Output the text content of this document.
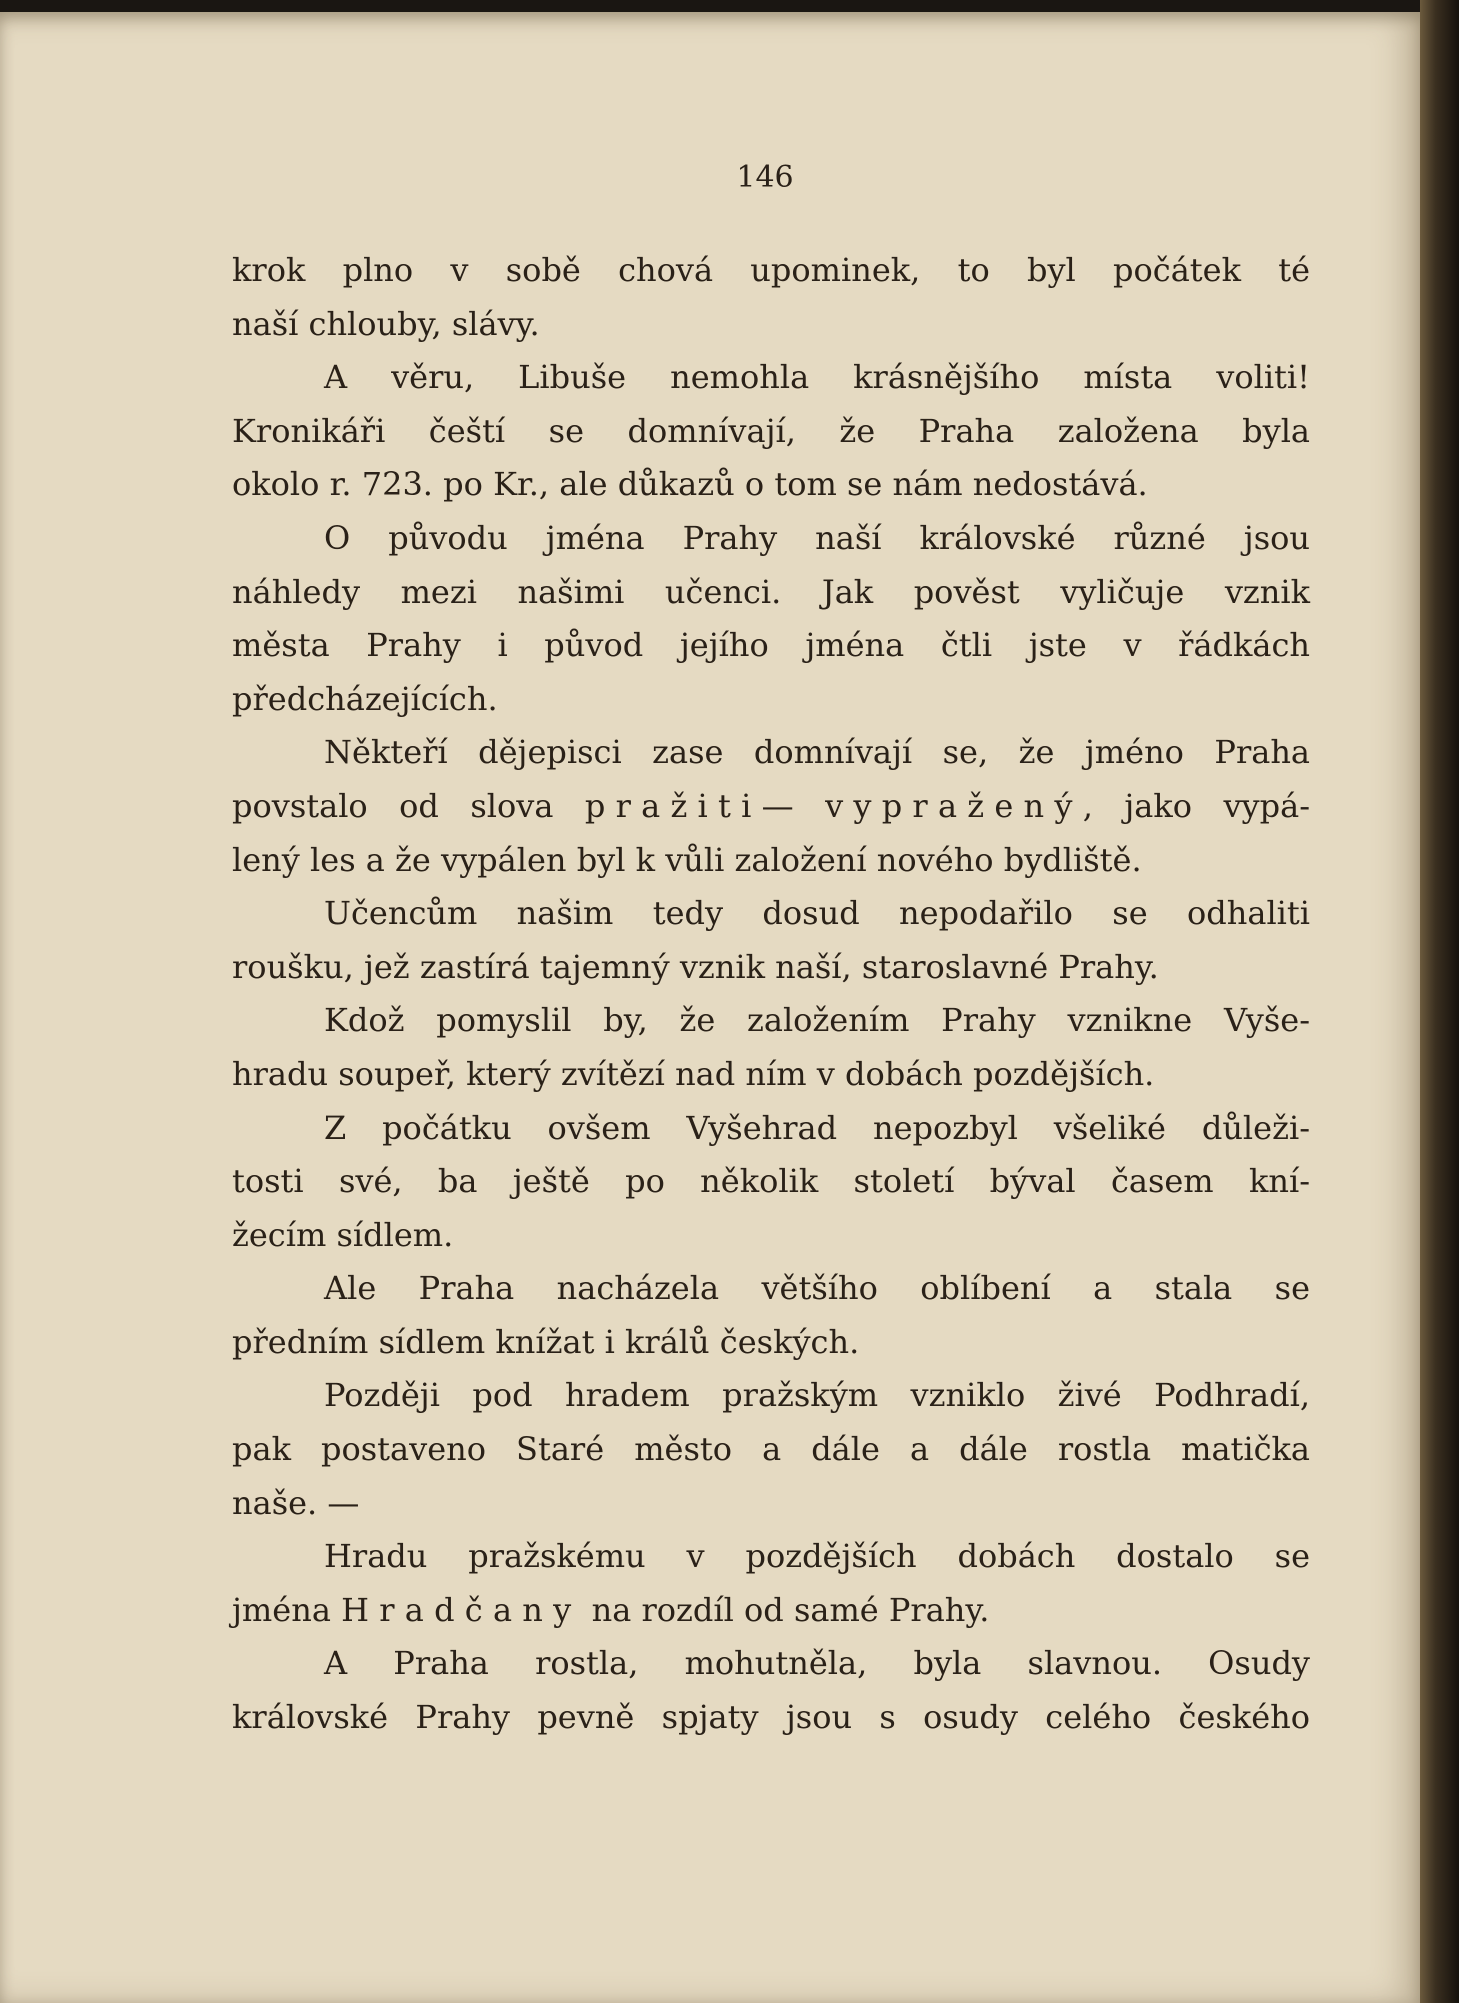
146
krok plno v sobě chová upominek, to byl počátek té
naší chlouby, slávy.
A věru, Libuše nemohla krásnějšího místa voliti!
Kronikáři čeští se domnívají, že Praha založena byla
okolo r. 723. po Kr., ale důkazů o tom se nám nedostává.
O původu jména Prahy naší královské různé jsou
náhledy mezi našimi učenci. Jak pověst vyličuje vznik
města Prahy i původ jejího jména čtli jste v řádkách
předcházejících.
Někteří dějepisci zase domnívají se, že jméno Praha
povstalo od slova pražiti— vypražený, jako vypá-
lený les a že vypálen byl k vůli založení nového bydliště.
Učencům našim tedy dosud nepodařilo se odhaliti
roušku, jež zastírá tajemný vznik naší, staroslavné Prahy.
Kdož pomyslil by, že založením Prahy vznikne Vyše-
hradu soupeř, který zvítězí nad ním v dobách pozdějších.
Z počátku ovšem Vyšehrad nepozbyl všeliké důleži-
tosti své, ba ještě po několik století býval časem kní-
žecím sídlem.
Ale Praha nacházela většího oblíbení a stala se
předním sídlem knížat i králů českých.
Později pod hradem pražským vzniklo živé Podhradí,
pak postaveno Staré město a dále a dále rostla matička
naše. —
Hradu pražskému v pozdějších dobách dostalo se
jména Hradčany na rozdíl od samé Prahy.
A Praha rostla, mohutněla, byla slavnou. Osudy
královské Prahy pevně spjaty jsou s osudy celého českého
